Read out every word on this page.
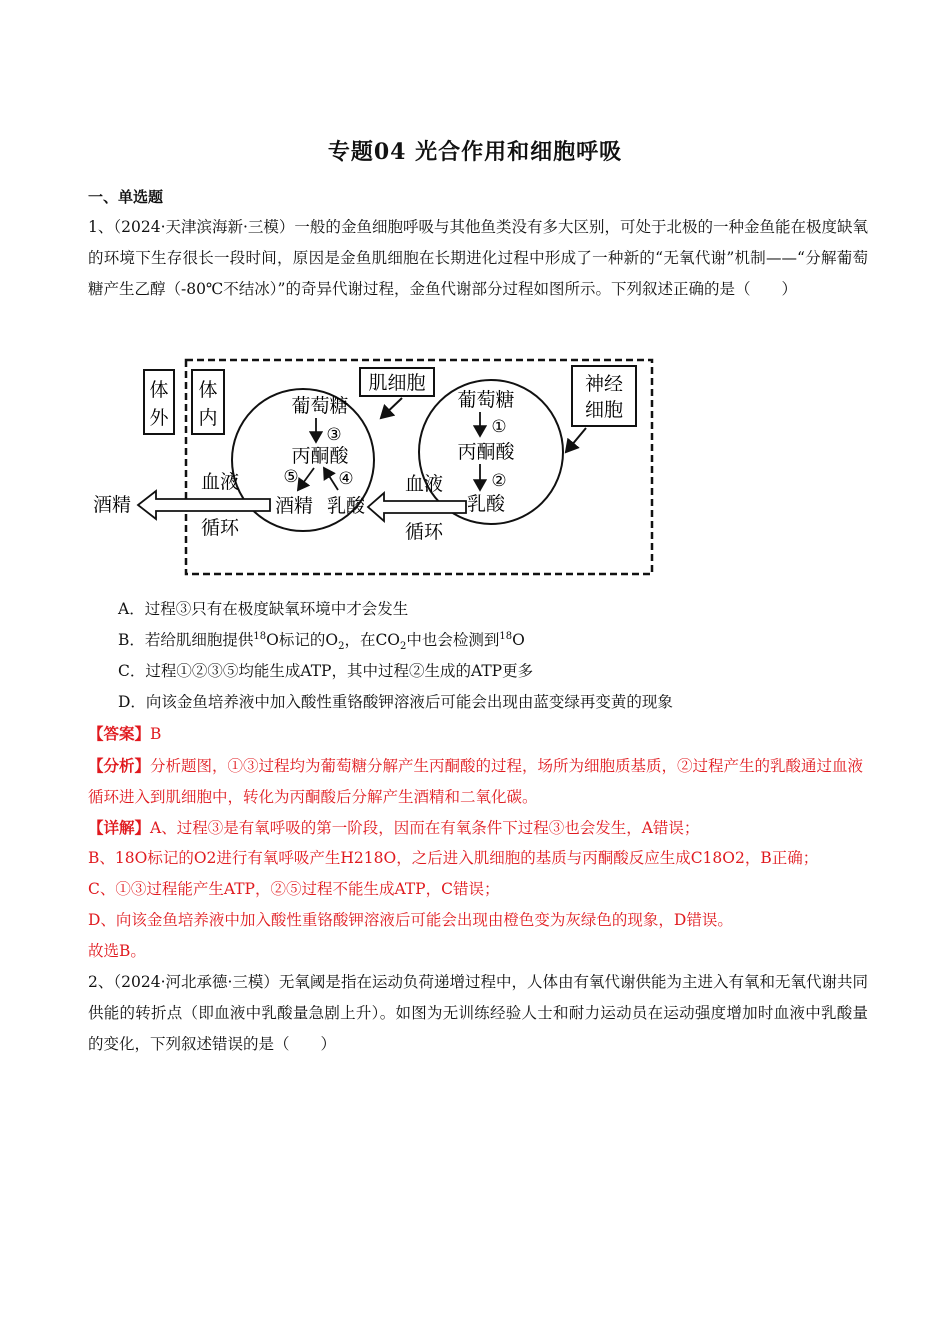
专题04 光合作用和细胞呼吸
一、单选题
1、（2024·天津滨海新·三模）一般的金鱼细胞呼吸与其他鱼类没有多大区别，可处于北极的一种金鱼能在极度缺氧的环境下生存很长一段时间，原因是金鱼肌细胞在长期进化过程中形成了一种新的“无氧代谢”机制——“分解葡萄糖产生乙醇（-80℃不结冰）”的奇异代谢过程，金鱼代谢部分过程如图所示。下列叙述正确的是（　　）
体
外
体
内
肌细胞
葡萄糖
③
丙酮酸
⑤ ④
酒精 乳酸
神经
细胞
葡萄糖
①
丙酮酸
②
乳酸
血液
循环
血液
循环
酒精
A．过程③只有在极度缺氧环境中才会发生
B．若给肌细胞提供$^{18}$O标记的$O_2$，在$CO_2$中也会检测到$^{18}$O
C．过程①②③⑤均能生成ATP，其中过程②生成的ATP更多
D．向该金鱼培养液中加入酸性重铬酸钾溶液后可能会出现由蓝变绿再变黄的现象
【答案】B
【分析】分析题图，①③过程均为葡萄糖分解产生丙酮酸的过程，场所为细胞质基质，②过程产生的乳酸通过血液循环进入到肌细胞中，转化为丙酮酸后分解产生酒精和二氧化碳。
【详解】A、过程③是有氧呼吸的第一阶段，因而在有氧条件下过程③也会发生，A错误；
B、18O标记的O2进行有氧呼吸产生H218O，之后进入肌细胞的基质与丙酮酸反应生成C18O2，B正确；
C、①③过程能产生ATP，②⑤过程不能生成ATP，C错误；
D、向该金鱼培养液中加入酸性重铬酸钾溶液后可能会出现由橙色变为灰绿色的现象，D错误。
故选B。
2、（2024·河北承德·三模）无氧阈是指在运动负荷递增过程中，人体由有氧代谢供能为主进入有氧和无氧代谢共同供能的转折点（即血液中乳酸量急剧上升）。如图为无训练经验人士和耐力运动员在运动强度增加时血液中乳酸量的变化，下列叙述错误的是（　　）
